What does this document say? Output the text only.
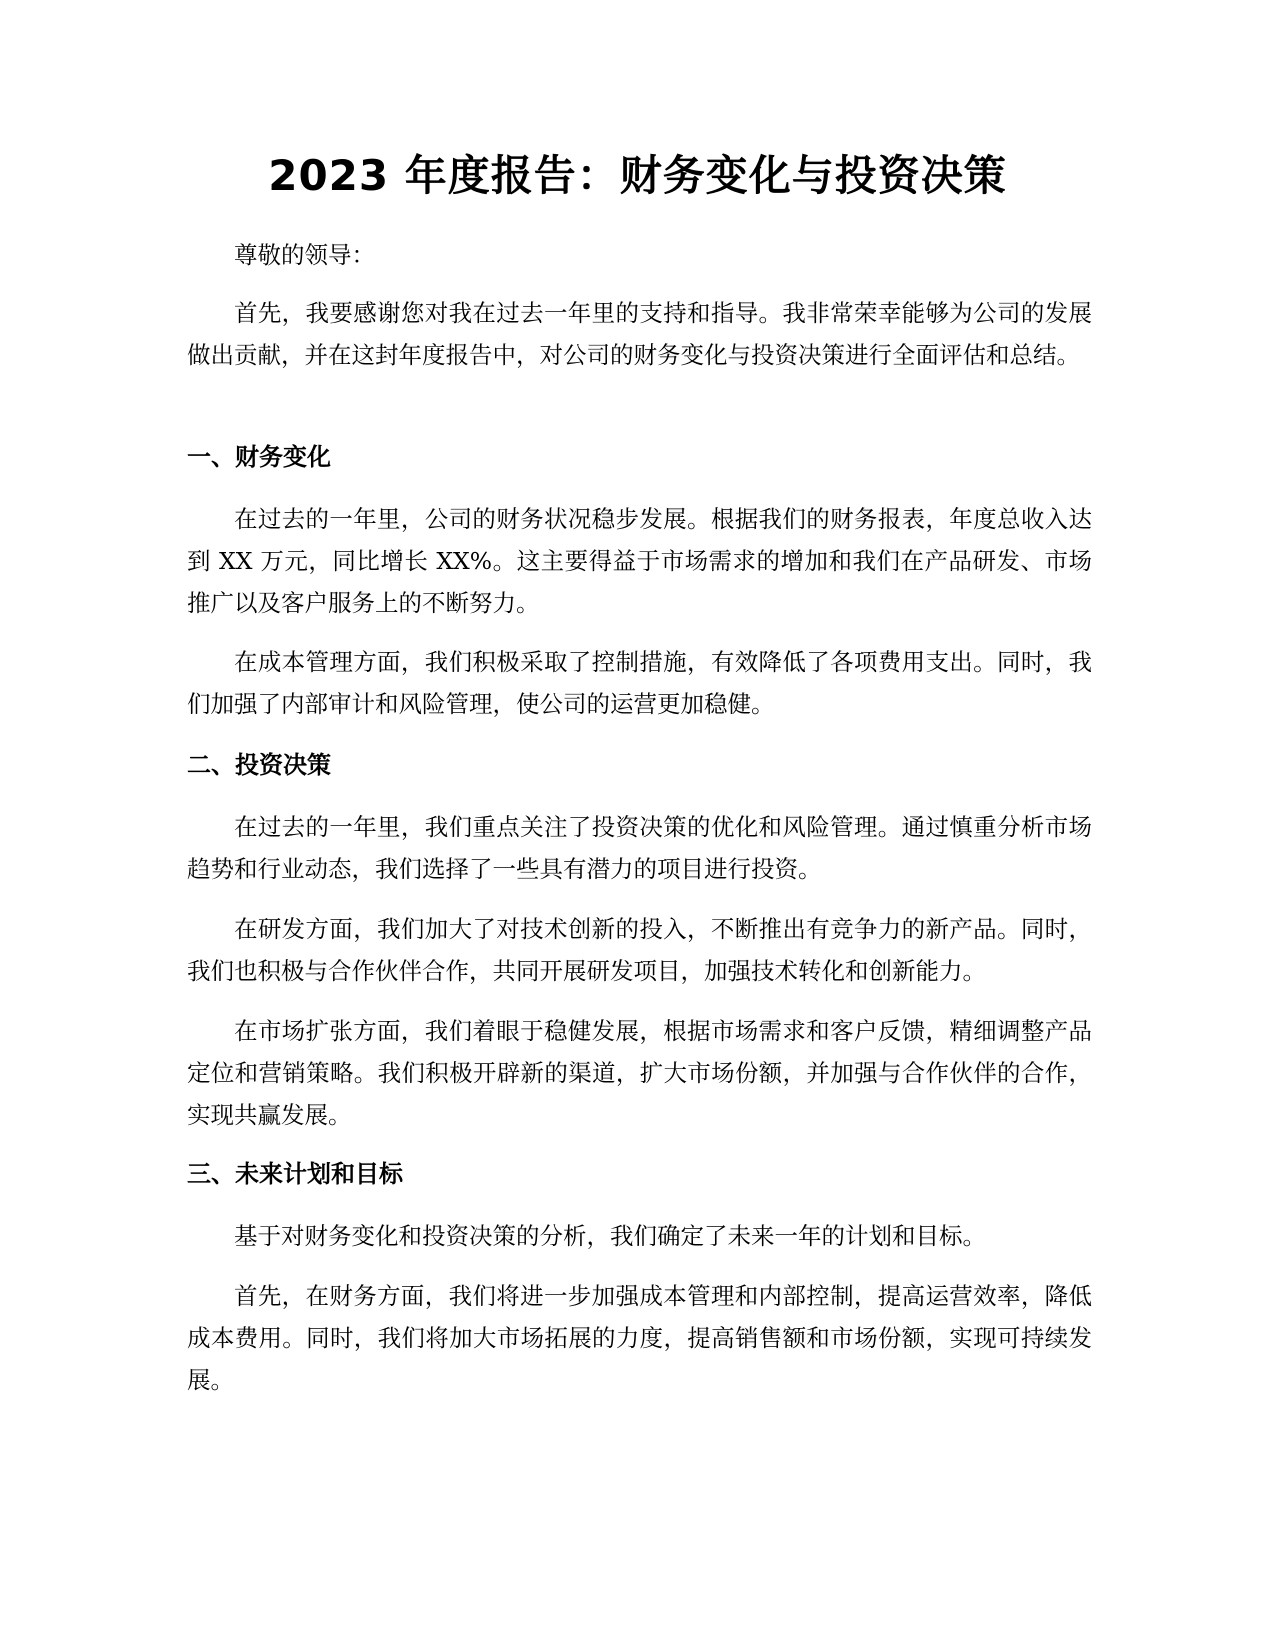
2023 年度报告：财务变化与投资决策

尊敬的领导：

首先，我要感谢您对我在过去一年里的支持和指导。我非常荣幸能够为公司的发展做出贡献，并在这封年度报告中，对公司的财务变化与投资决策进行全面评估和总结。

一、财务变化

在过去的一年里，公司的财务状况稳步发展。根据我们的财务报表，年度总收入达到 XX 万元，同比增长 XX%。这主要得益于市场需求的增加和我们在产品研发、市场推广以及客户服务上的不断努力。

在成本管理方面，我们积极采取了控制措施，有效降低了各项费用支出。同时，我们加强了内部审计和风险管理，使公司的运营更加稳健。

二、投资决策

在过去的一年里，我们重点关注了投资决策的优化和风险管理。通过慎重分析市场趋势和行业动态，我们选择了一些具有潜力的项目进行投资。

在研发方面，我们加大了对技术创新的投入，不断推出有竞争力的新产品。同时，我们也积极与合作伙伴合作，共同开展研发项目，加强技术转化和创新能力。

在市场扩张方面，我们着眼于稳健发展，根据市场需求和客户反馈，精细调整产品定位和营销策略。我们积极开辟新的渠道，扩大市场份额，并加强与合作伙伴的合作，实现共赢发展。

三、未来计划和目标

基于对财务变化和投资决策的分析，我们确定了未来一年的计划和目标。

首先，在财务方面，我们将进一步加强成本管理和内部控制，提高运营效率，降低成本费用。同时，我们将加大市场拓展的力度，提高销售额和市场份额，实现可持续发展。
